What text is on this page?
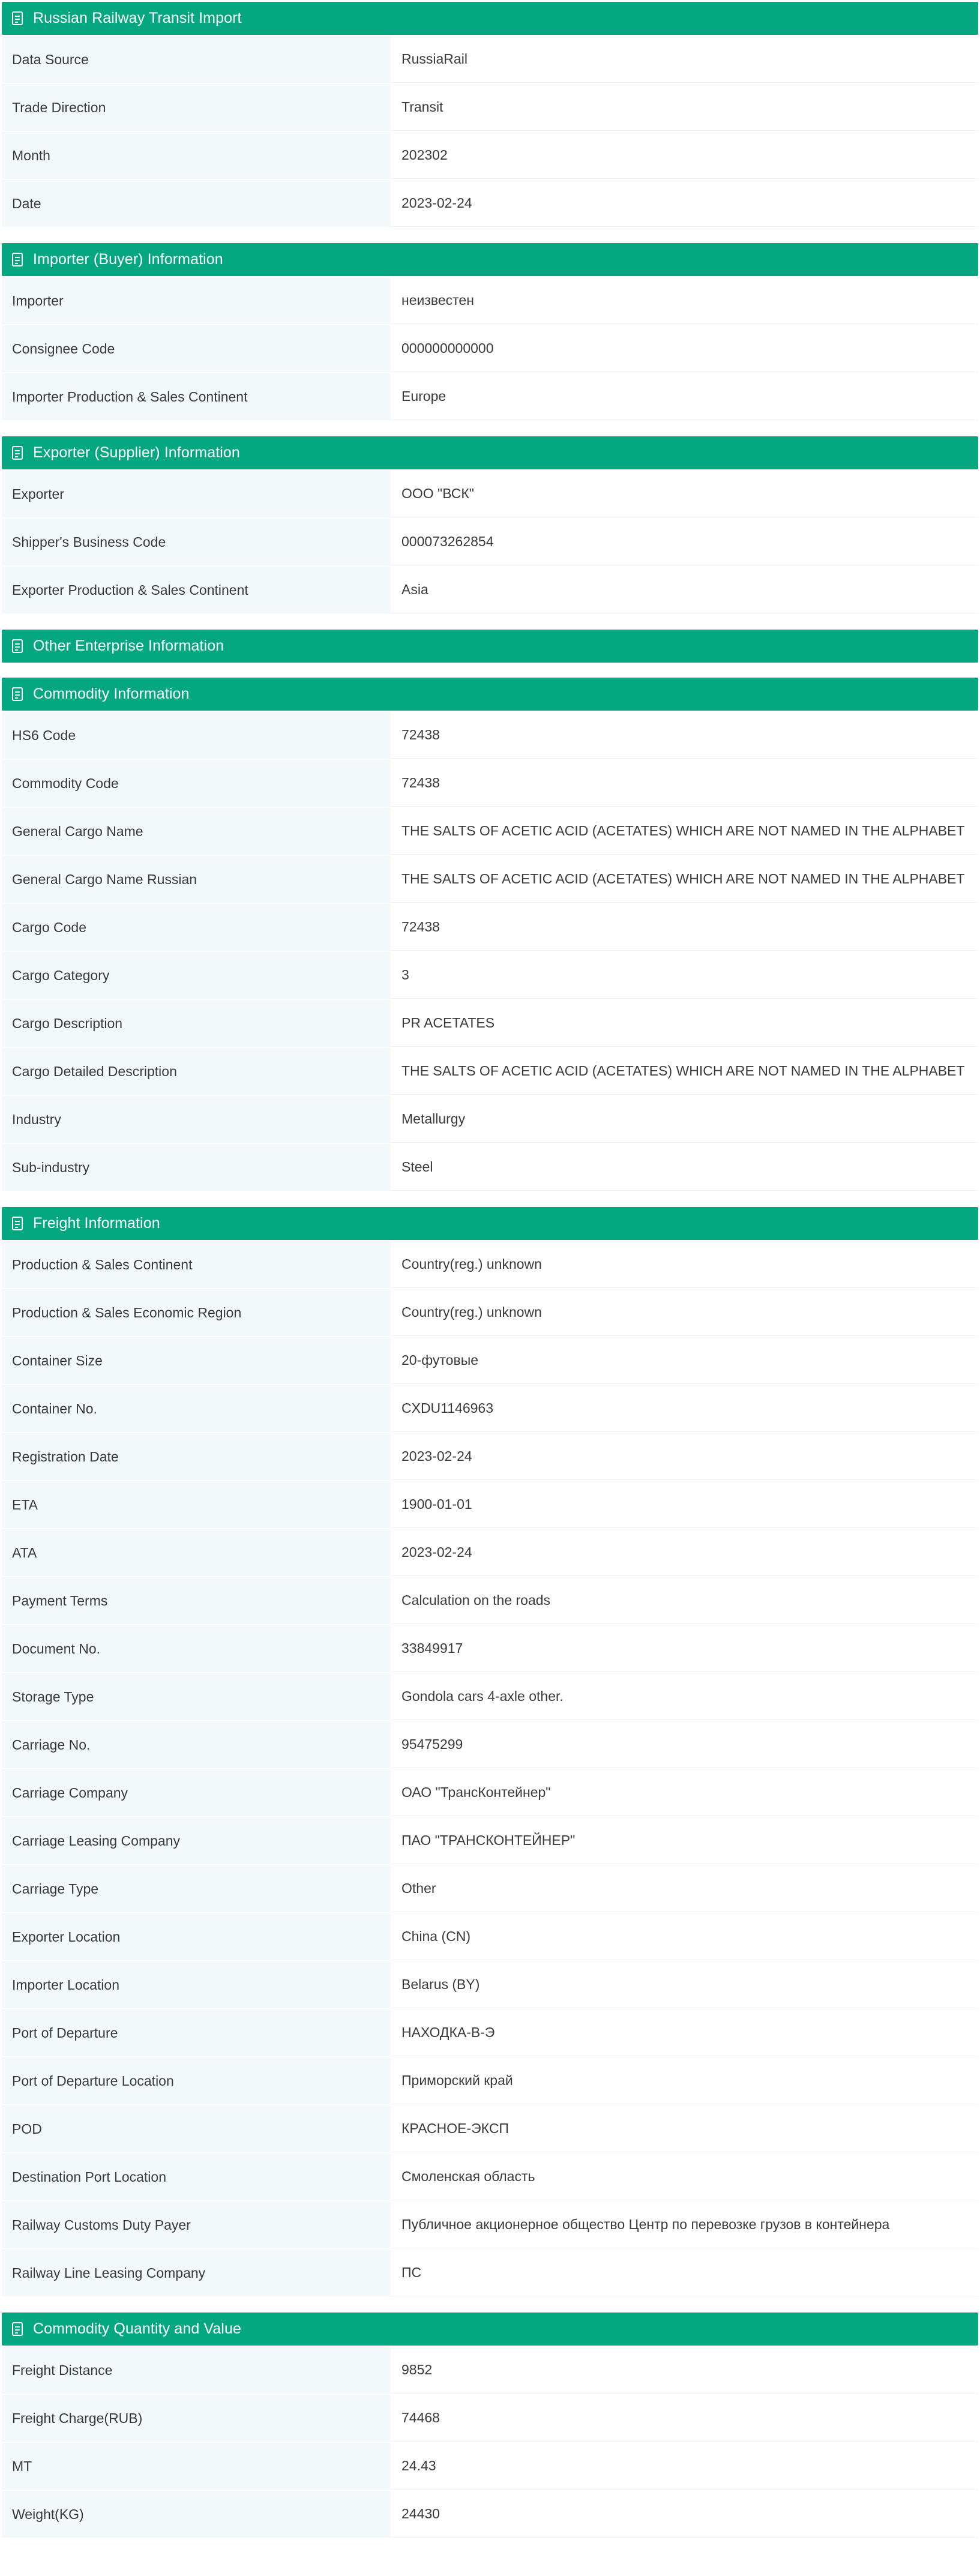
Russian Railway Transit Import
Data Source	RussiaRail
Trade Direction	Transit
Month	202302
Date	2023-02-24
Importer (Buyer) Information
Importer	неизвестен
Consignee Code	000000000000
Importer Production & Sales Continent	Europe
Exporter (Supplier) Information
Exporter	ООО "ВСК"
Shipper's Business Code	000073262854
Exporter Production & Sales Continent	Asia
Other Enterprise Information
Commodity Information
HS6 Code	72438
Commodity Code	72438
General Cargo Name	THE SALTS OF ACETIC ACID (ACETATES) WHICH ARE NOT NAMED IN THE ALPHABET
General Cargo Name Russian	THE SALTS OF ACETIC ACID (ACETATES) WHICH ARE NOT NAMED IN THE ALPHABET
Cargo Code	72438
Cargo Category	3
Cargo Description	PR ACETATES
Cargo Detailed Description	THE SALTS OF ACETIC ACID (ACETATES) WHICH ARE NOT NAMED IN THE ALPHABET
Industry	Metallurgy
Sub-industry	Steel
Freight Information
Production & Sales Continent	Country(reg.) unknown
Production & Sales Economic Region	Country(reg.) unknown
Container Size	20-футовые
Container No.	CXDU1146963
Registration Date	2023-02-24
ETA	1900-01-01
ATA	2023-02-24
Payment Terms	Calculation on the roads
Document No.	33849917
Storage Type	Gondola cars 4-axle other.
Carriage No.	95475299
Carriage Company	ОАО "ТрансКонтейнер"
Carriage Leasing Company	ПАО "ТРАНСКОНТЕЙНЕР"
Carriage Type	Other
Exporter Location	China (CN)
Importer Location	Belarus (BY)
Port of Departure	НАХОДКА-В-Э
Port of Departure Location	Приморский край
POD	КРАСНОЕ-ЭКСП
Destination Port Location	Смоленская область
Railway Customs Duty Payer	Публичное акционерное общество Центр по перевозке грузов в контейнера
Railway Line Leasing Company	ПС
Commodity Quantity and Value
Freight Distance	9852
Freight Charge(RUB)	74468
MT	24.43
Weight(KG)	24430
